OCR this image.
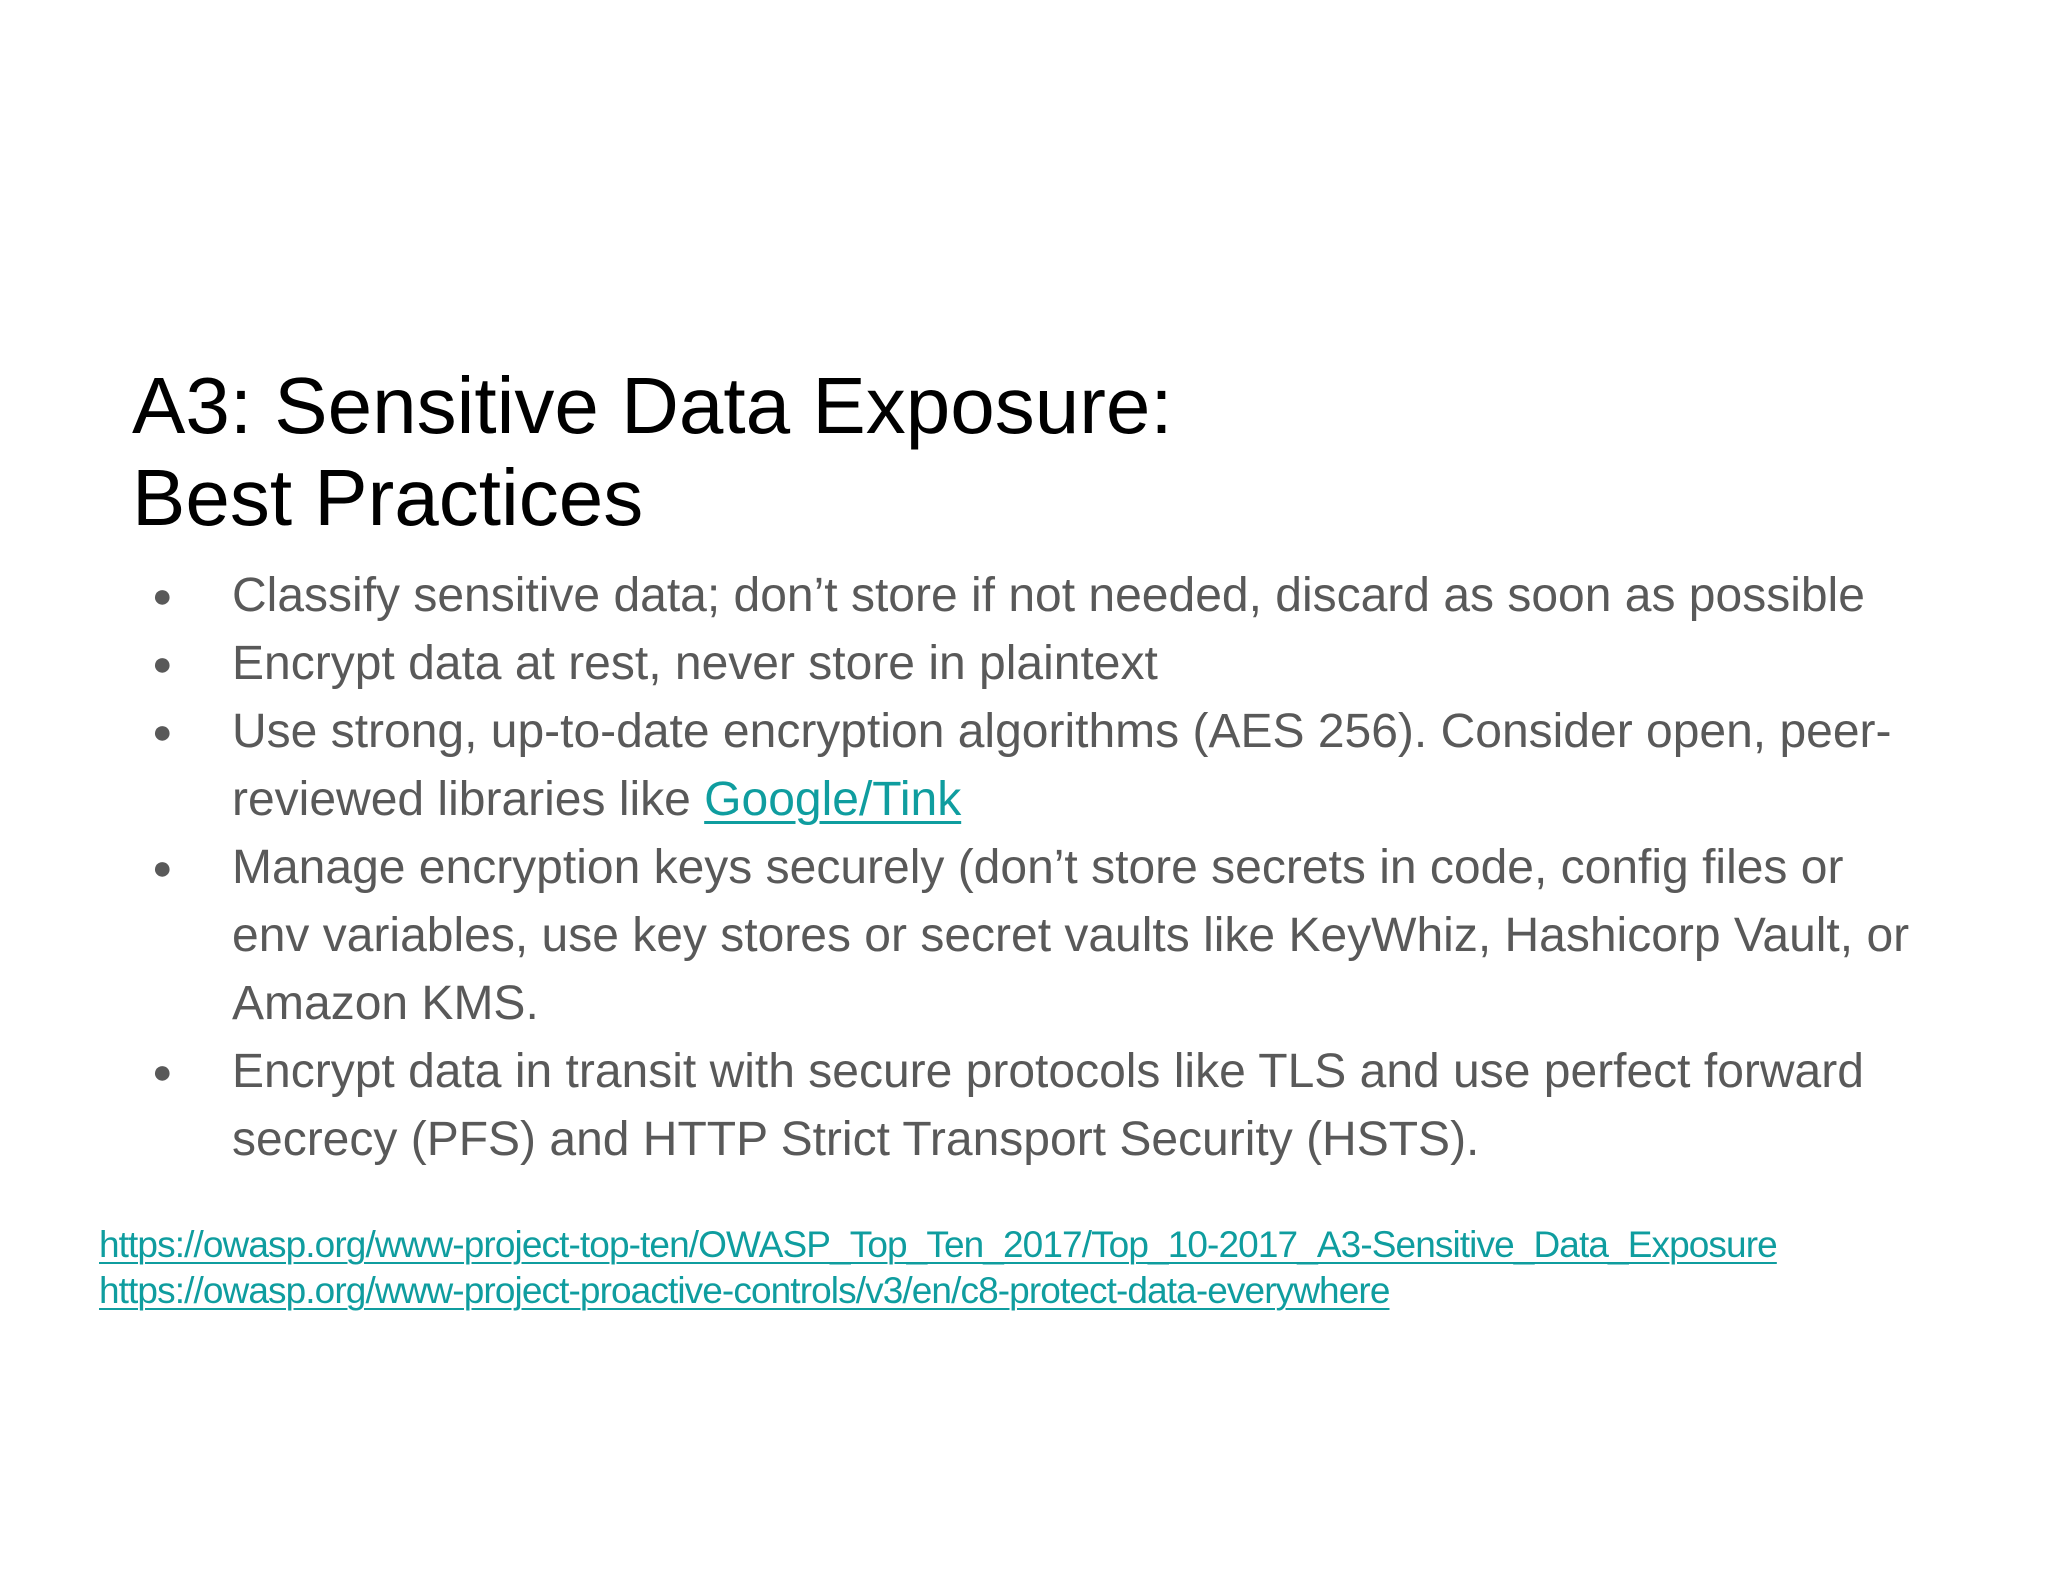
A3: Sensitive Data Exposure:
Best Practices
● Classify sensitive data; don’t store if not needed, discard as soon as possible
● Encrypt data at rest, never store in plaintext
● Use strong, up-to-date encryption algorithms (AES 256). Consider open, peer-reviewed libraries like Google/Tink
● Manage encryption keys securely (don’t store secrets in code, config files or env variables, use key stores or secret vaults like KeyWhiz, Hashicorp Vault, or Amazon KMS.
● Encrypt data in transit with secure protocols like TLS and use perfect forward secrecy (PFS) and HTTP Strict Transport Security (HSTS).
https://owasp.org/www-project-top-ten/OWASP_Top_Ten_2017/Top_10-2017_A3-Sensitive_Data_Exposure
https://owasp.org/www-project-proactive-controls/v3/en/c8-protect-data-everywhere
